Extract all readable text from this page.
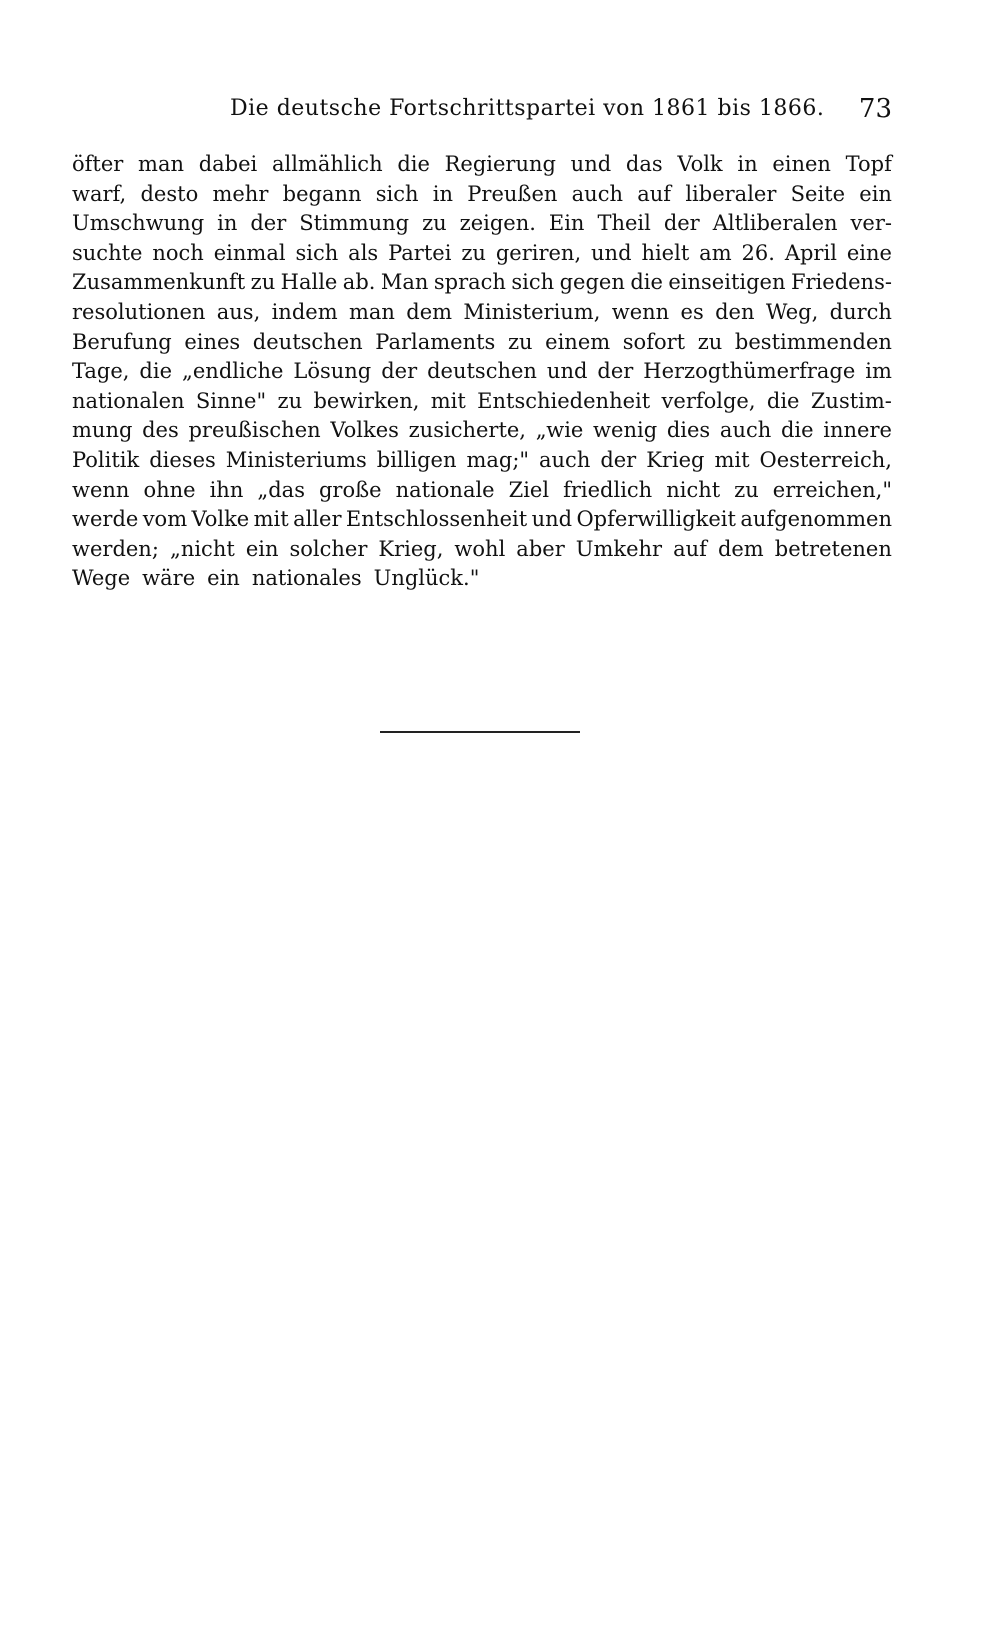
Die deutsche Fortschrittspartei von 1861 bis 1866. 73
öfter man dabei allmählich die Regierung und das Volk in einen Topf
warf, desto mehr begann sich in Preußen auch auf liberaler Seite ein
Umschwung in der Stimmung zu zeigen. Ein Theil der Altliberalen ver-
suchte noch einmal sich als Partei zu geriren, und hielt am 26. April eine
Zusammenkunft zu Halle ab. Man sprach sich gegen die einseitigen Friedens-
resolutionen aus, indem man dem Ministerium, wenn es den Weg, durch
Berufung eines deutschen Parlaments zu einem sofort zu bestimmenden
Tage, die „endliche Lösung der deutschen und der Herzogthümerfrage im
nationalen Sinne" zu bewirken, mit Entschiedenheit verfolge, die Zustim-
mung des preußischen Volkes zusicherte, „wie wenig dies auch die innere
Politik dieses Ministeriums billigen mag;" auch der Krieg mit Oesterreich,
wenn ohne ihn „das große nationale Ziel friedlich nicht zu erreichen,"
werde vom Volke mit aller Entschlossenheit und Opferwilligkeit aufgenommen
werden; „nicht ein solcher Krieg, wohl aber Umkehr auf dem betretenen
Wege wäre ein nationales Unglück."
